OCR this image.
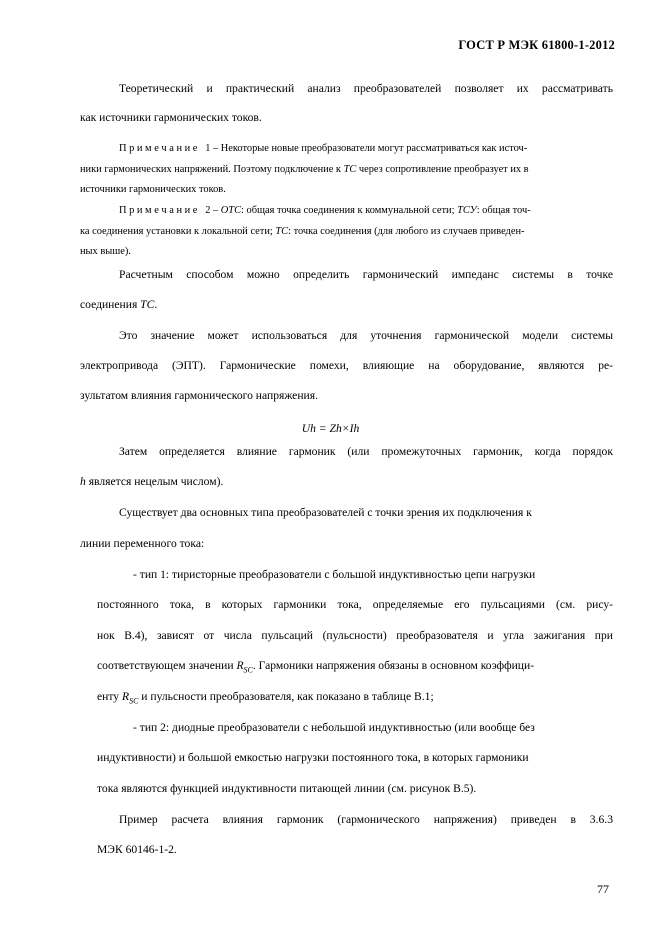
ГОСТ Р МЭК 61800-1-2012
Теоретический и практический анализ преобразователей позволяет их рассматривать
как источники гармонических токов.
П р и м е ч а н и е 1 – Некоторые новые преобразователи могут рассматриваться как источ-
ники гармонических напряжений. Поэтому подключение к ТС через сопротивление преобразует их в
источники гармонических токов.
П р и м е ч а н и е 2 – ОТС: общая точка соединения к коммунальной сети; ТСУ: общая точ-
ка соединения установки к локальной сети; ТС: точка соединения (для любого из случаев приведен-
ных выше).
Расчетным способом можно определить гармонический импеданс системы в точке
соединения ТС.
Это значение может использоваться для уточнения гармонической модели системы
электропривода (ЭПТ). Гармонические помехи, влияющие на оборудование, являются ре-
зультатом влияния гармонического напряжения.
Uh = Zh×Ih
Затем определяется влияние гармоник (или промежуточных гармоник, когда порядок
h является нецелым числом).
Существует два основных типа преобразователей с точки зрения их подключения к
линии переменного тока:
- тип 1: тиристорные преобразователи с большой индуктивностью цепи нагрузки
постоянного тока, в которых гармоники тока, определяемые его пульсациями (см. рису-
нок В.4), зависят от числа пульсаций (пульсности) преобразователя и угла зажигания при
соответствующем значении $R_{SC}$. Гармоники напряжения обязаны в основном коэффици-
енту $R_{SC}$ и пульсности преобразователя, как показано в таблице В.1;
- тип 2: диодные преобразователи с небольшой индуктивностью (или вообще без
индуктивности) и большой емкостью нагрузки постоянного тока, в которых гармоники
тока являются функцией индуктивности питающей линии (см. рисунок В.5).
Пример расчета влияния гармоник (гармонического напряжения) приведен в 3.6.3
МЭК 60146-1-2.
77
